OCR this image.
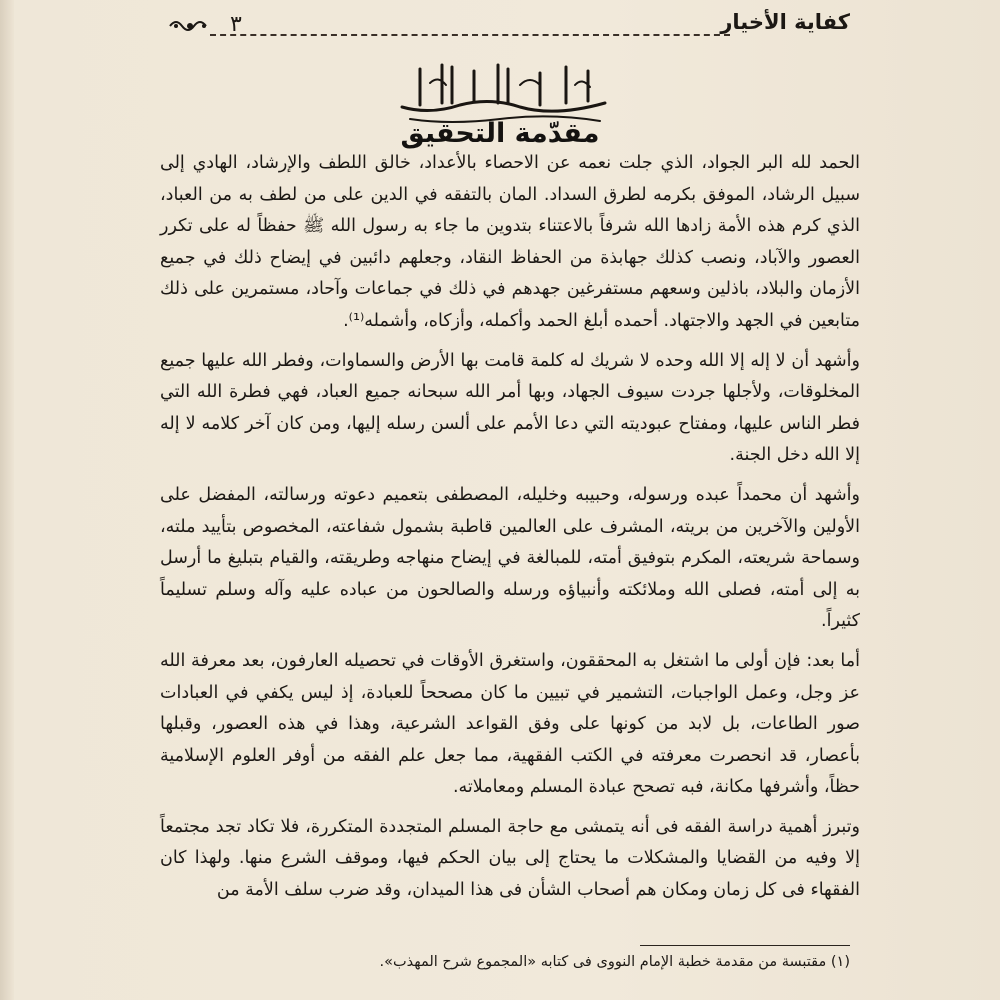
٣	كفاية الأخيار
مقدّمة التحقيق

الحمد لله البر الجواد، الذي جلت نعمه عن الاحصاء بالأعداد، خالق اللطف والإرشاد، الهادي إلى سبيل الرشاد، الموفق بكرمه لطرق السداد. المان بالتفقه في الدين على من لطف به من العباد، الذي كرم هذه الأمة زادها الله شرفاً بالاعتناء بتدوين ما جاء به رسول الله ﷺ حفظاً له على تكرر العصور والآباد، ونصب كذلك جهابذة من الحفاظ النقاد، وجعلهم دائبين في إيضاح ذلك في جميع الأزمان والبلاد، باذلين وسعهم مستفرغين جهدهم في ذلك في جماعات وآحاد، مستمرين على ذلك متابعين في الجهد والاجتهاد. أحمده أبلغ الحمد وأكمله، وأزكاه، وأشمله⁽¹⁾.

وأشهد أن لا إله إلا الله وحده لا شريك له كلمة قامت بها الأرض والسماوات، وفطر الله عليها جميع المخلوقات، ولأجلها جردت سيوف الجهاد، وبها أمر الله سبحانه جميع العباد، فهي فطرة الله التي فطر الناس عليها، ومفتاح عبوديته التي دعا الأمم على ألسن رسله إليها، ومن كان آخر كلامه لا إله إلا الله دخل الجنة.

وأشهد أن محمداً عبده ورسوله، وحبيبه وخليله، المصطفى بتعميم دعوته ورسالته، المفضل على الأولين والآخرين من بريته، المشرف على العالمين قاطبة بشمول شفاعته، المخصوص بتأييد ملته، وسماحة شريعته، المكرم بتوفيق أمته، للمبالغة في إيضاح منهاجه وطريقته، والقيام بتبليغ ما أرسل به إلى أمته، فصلى الله وملائكته وأنبياؤه ورسله والصالحون من عباده عليه وآله وسلم تسليماً كثيراً.

أما بعد: فإن أولى ما اشتغل به المحققون، واستغرق الأوقات في تحصيله العارفون، بعد معرفة الله عز وجل، وعمل الواجبات، التشمير في تبيين ما كان مصححاً للعبادة، إذ ليس يكفي في العبادات صور الطاعات، بل لابد من كونها على وفق القواعد الشرعية، وهذا في هذه العصور، وقبلها بأعصار، قد انحصرت معرفته في الكتب الفقهية، مما جعل علم الفقه من أوفر العلوم الإسلامية حظاً، وأشرفها مكانة، فبه تصحح عبادة المسلم ومعاملاته.

وتبرز أهمية دراسة الفقه فى أنه يتمشى مع حاجة المسلم المتجددة المتكررة، فلا تكاد تجد مجتمعاً إلا وفيه من القضايا والمشكلات ما يحتاج إلى بيان الحكم فيها، وموقف الشرع منها. ولهذا كان الفقهاء فى كل زمان ومكان هم أصحاب الشأن فى هذا الميدان، وقد ضرب سلف الأمة من

(١) مقتبسة من مقدمة خطبة الإمام النووى فى كتابه «المجموع شرح المهذب».
